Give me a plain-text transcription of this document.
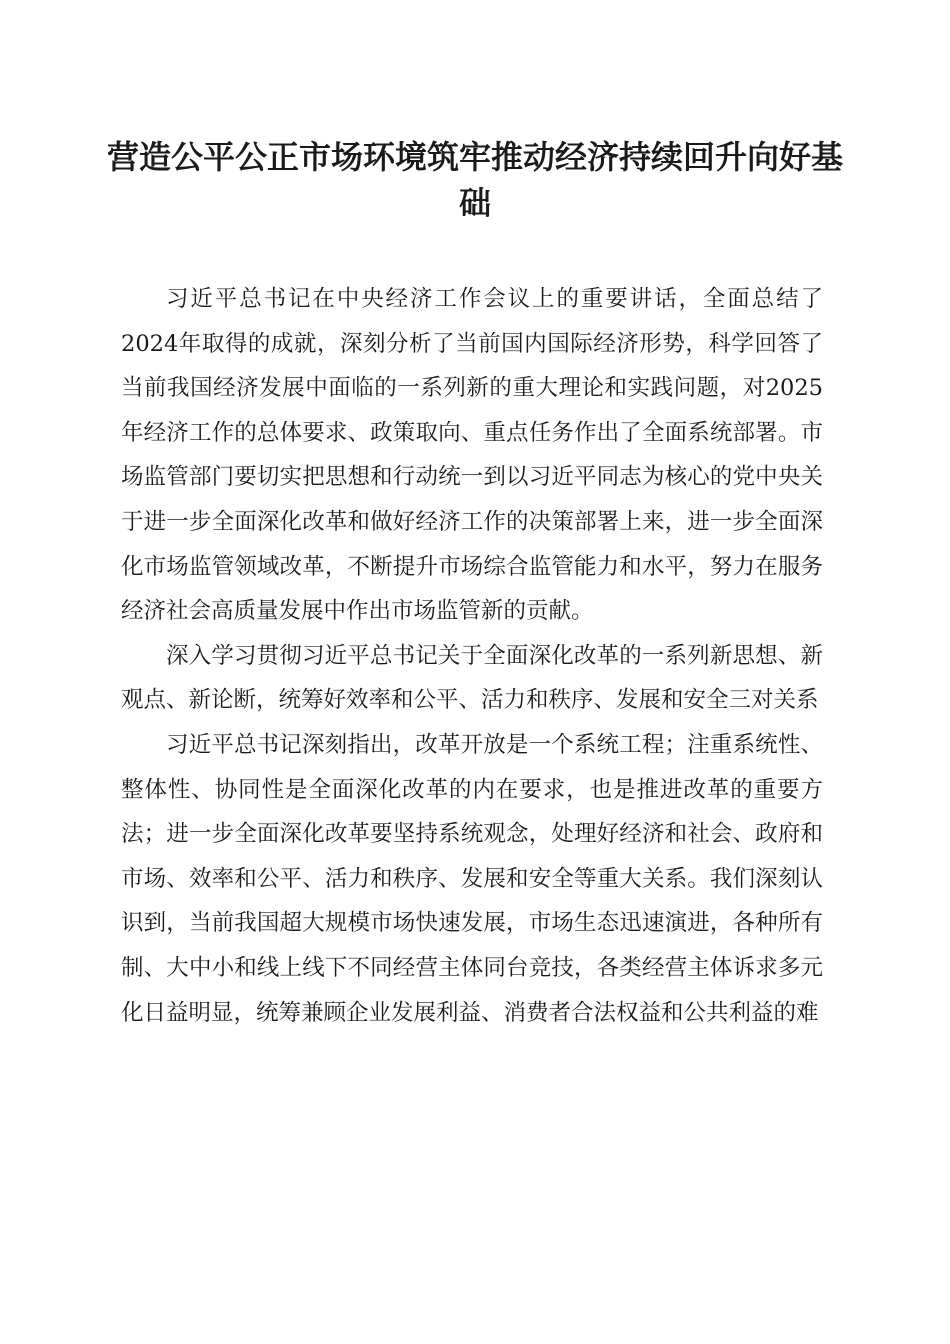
营造公平公正市场环境筑牢推动经济持续回升向好基础

习近平总书记在中央经济工作会议上的重要讲话，全面总结了2024年取得的成就，深刻分析了当前国内国际经济形势，科学回答了当前我国经济发展中面临的一系列新的重大理论和实践问题，对2025年经济工作的总体要求、政策取向、重点任务作出了全面系统部署。市场监管部门要切实把思想和行动统一到以习近平同志为核心的党中央关于进一步全面深化改革和做好经济工作的决策部署上来，进一步全面深化市场监管领域改革，不断提升市场综合监管能力和水平，努力在服务经济社会高质量发展中作出市场监管新的贡献。

深入学习贯彻习近平总书记关于全面深化改革的一系列新思想、新观点、新论断，统筹好效率和公平、活力和秩序、发展和安全三对关系

习近平总书记深刻指出，改革开放是一个系统工程；注重系统性、整体性、协同性是全面深化改革的内在要求，也是推进改革的重要方法；进一步全面深化改革要坚持系统观念，处理好经济和社会、政府和市场、效率和公平、活力和秩序、发展和安全等重大关系。我们深刻认识到，当前我国超大规模市场快速发展，市场生态迅速演进，各种所有制、大中小和线上线下不同经营主体同台竞技，各类经营主体诉求多元化日益明显，统筹兼顾企业发展利益、消费者合法权益和公共利益的难
